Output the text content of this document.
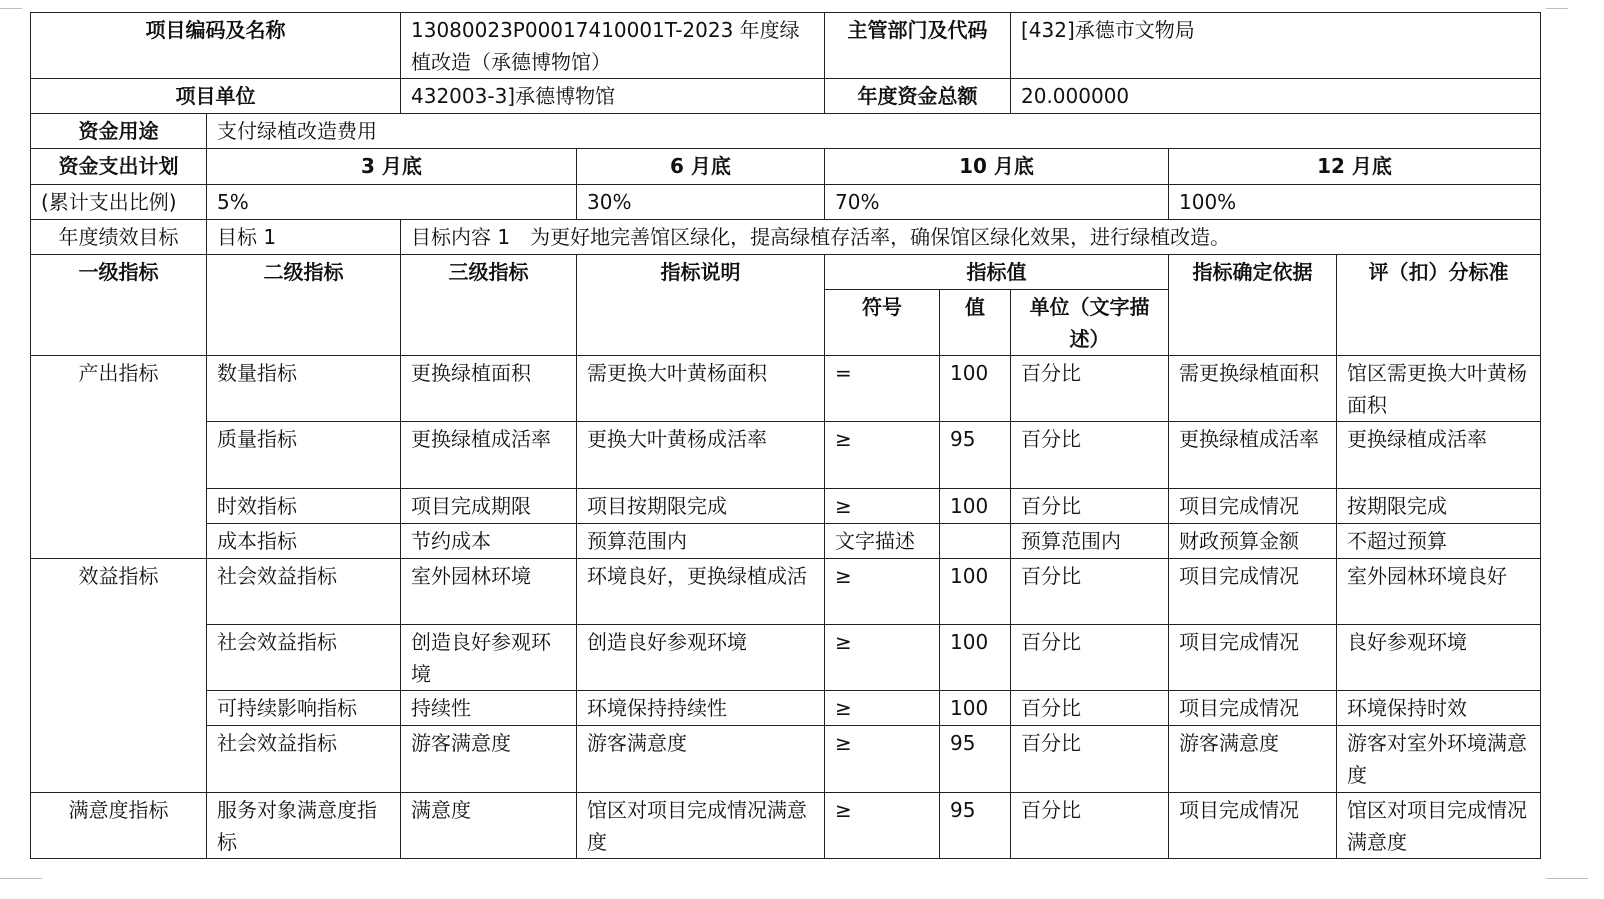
项目编码及名称		13080023P00017410001T-2023 年度绿植改造（承德博物馆）		主管部门及代码		[432]承德市文物局		
项目单位		432003-3]承德博物馆		年度资金总额		20.000000		
资金用途	支付绿植改造费用							
资金支出计划	3 月底		6 月底	10 月底			12 月底	
(累计支出比例)	5%		30%	70%			100%	
年度绩效目标	目标 1	目标内容 1　为更好地完善馆区绿化，提高绿植存活率，确保馆区绿化效果，进行绿植改造。						
一级指标	二级指标	三级指标	指标说明	指标值			指标确定依据	评（扣）分标准
				符号	值	单位（文字描述）		
产出指标	数量指标	更换绿植面积	需更换大叶黄杨面积	=	100	百分比	需更换绿植面积	馆区需更换大叶黄杨面积
	质量指标	更换绿植成活率	更换大叶黄杨成活率	≥	95	百分比	更换绿植成活率	更换绿植成活率
	时效指标	项目完成期限	项目按期限完成	≥	100	百分比	项目完成情况	按期限完成
	成本指标	节约成本	预算范围内	文字描述		预算范围内	财政预算金额	不超过预算
效益指标	社会效益指标	室外园林环境	环境良好，更换绿植成活	≥	100	百分比	项目完成情况	室外园林环境良好
	社会效益指标	创造良好参观环境	创造良好参观环境	≥	100	百分比	项目完成情况	良好参观环境
	可持续影响指标	持续性	环境保持持续性	≥	100	百分比	项目完成情况	环境保持时效
	社会效益指标	游客满意度	游客满意度	≥	95	百分比	游客满意度	游客对室外环境满意度
满意度指标	服务对象满意度指标	满意度	馆区对项目完成情况满意度	≥	95	百分比	项目完成情况	馆区对项目完成情况满意度
